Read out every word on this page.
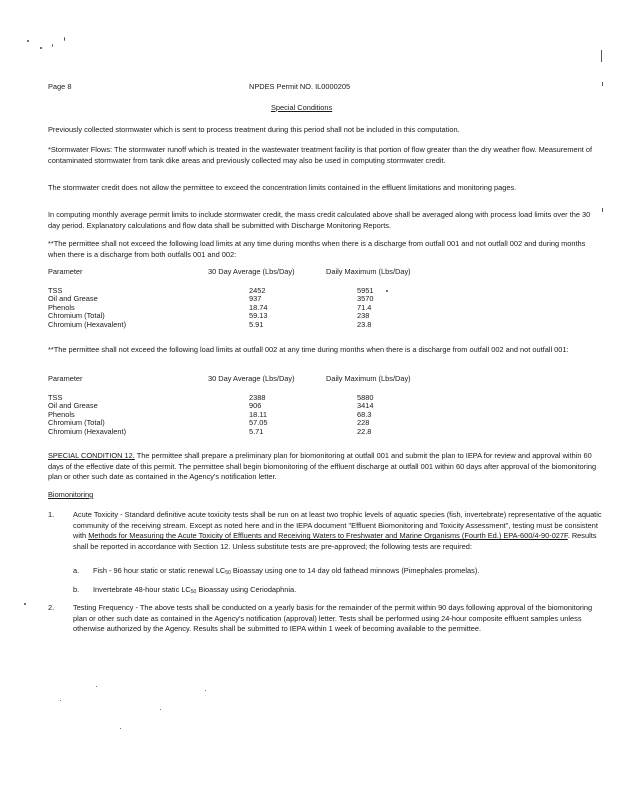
Page 8	NPDES Permit NO. IL0000205
Special Conditions
Previously collected stormwater which is sent to process treatment during this period shall not be included in this computation.
*Stormwater Flows: The stormwater runoff which is treated in the wastewater treatment facility is that portion of flow greater than the dry weather flow. Measurement of contaminated stormwater from tank dike areas and previously collected may also be used in computing stormwater credit.
The stormwater credit does not allow the permittee to exceed the concentration limits contained in the effluent limitations and monitoring pages.
In computing monthly average permit limits to include stormwater credit, the mass credit calculated above shall be averaged along with process load limits over the 30 day period. Explanatory calculations and flow data shall be submitted with Discharge Monitoring Reports.
**The permittee shall not exceed the following load limits at any time during months when there is a discharge from outfall 001 and not outfall 002 and during months when there is a discharge from both outfalls 001 and 002:
Parameter	30 Day Average (Lbs/Day)	Daily Maximum (Lbs/Day)
TSS	2452	5951
Oil and Grease	937	3570
Phenols	18.74	71.4
Chromium (Total)	59.13	238
Chromium (Hexavalent)	5.91	23.8
**The permittee shall not exceed the following load limits at outfall 002 at any time during months when there is a discharge from outfall 002 and not outfall 001:
Parameter	30 Day Average (Lbs/Day)	Daily Maximum (Lbs/Day)
TSS	2388	5880
Oil and Grease	906	3414
Phenols	18.11	68.3
Chromium (Total)	57.05	228
Chromium (Hexavalent)	5.71	22.8
SPECIAL CONDITION 12. The permittee shall prepare a preliminary plan for biomonitoring at outfall 001 and submit the plan to IEPA for review and approval within 60 days of the effective date of this permit. The permittee shall begin biomonitoring of the effluent discharge at outfall 001 within 60 days after approval of the biomonitoring plan or other such date as contained in the Agency's notification letter.
Biomonitoring
1.	Acute Toxicity - Standard definitive acute toxicity tests shall be run on at least two trophic levels of aquatic species (fish, invertebrate) representative of the aquatic community of the receiving stream. Except as noted here and in the IEPA document "Effluent Biomonitoring and Toxicity Assessment", testing must be consistent with Methods for Measuring the Acute Toxicity of Effluents and Receiving Waters to Freshwater and Marine Organisms (Fourth Ed.) EPA-600/4-90-027F. Results shall be reported in accordance with Section 12. Unless substitute tests are pre-approved; the following tests are required:
a. Fish - 96 hour static or static renewal $LC_{50}$ Bioassay using one to 14 day old fathead minnows (Pimephales promelas).
b. Invertebrate 48-hour static $LC_{50}$ Bioassay using Ceriodaphnia.
2.	Testing Frequency - The above tests shall be conducted on a yearly basis for the remainder of the permit within 90 days following approval of the biomonitoring plan or other such date as contained in the Agency's notification (approval) letter. Tests shall be performed using 24-hour composite effluent samples unless otherwise authorized by the Agency. Results shall be submitted to IEPA within 1 week of becoming available to the permittee.
